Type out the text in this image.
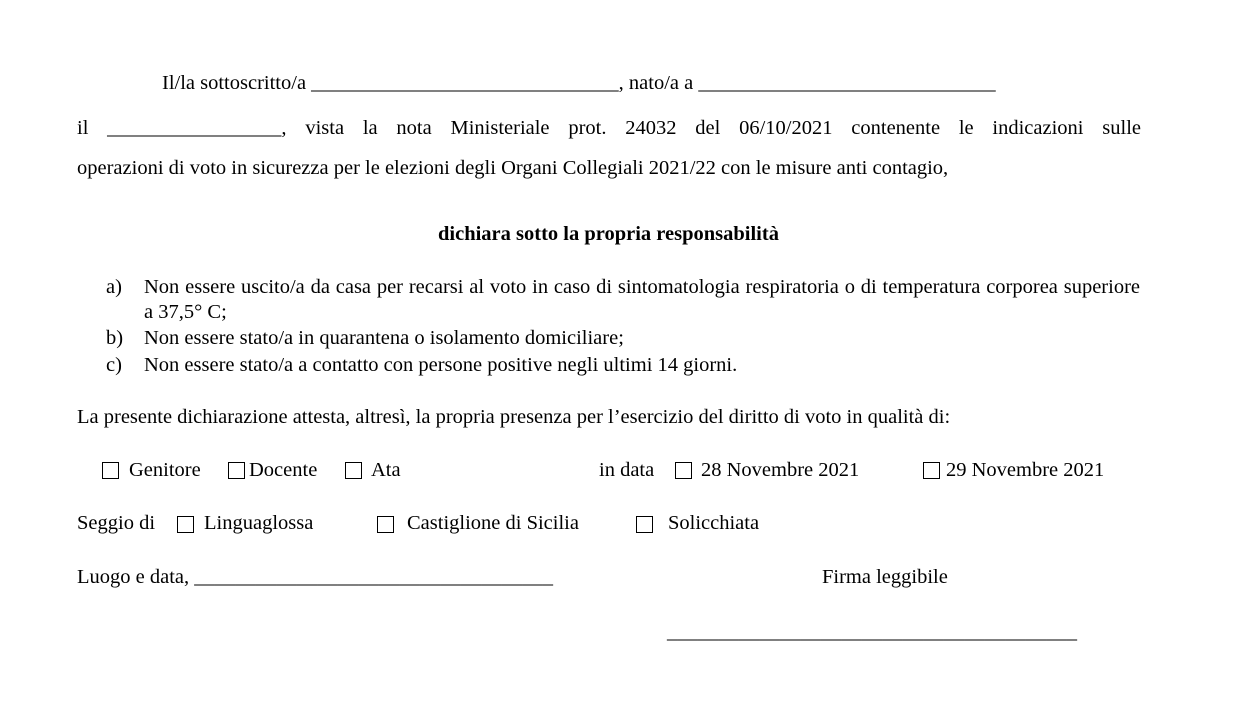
Il/la sottoscritto/a ______________________________, nato/a a _____________________________
il _________________, vista la nota Ministeriale prot. 24032 del 06/10/2021 contenente le indicazioni sulle
operazioni di voto in sicurezza per le elezioni degli Organi Collegiali 2021/22 con le misure anti contagio,
dichiara sotto la propria responsabilità
a) Non essere uscito/a da casa per recarsi al voto in caso di sintomatologia respiratoria o di temperatura corporea superiore a 37,5° C;
b) Non essere stato/a in quarantena o isolamento domiciliare;
c) Non essere stato/a a contatto con persone positive negli ultimi 14 giorni.
La presente dichiarazione attesta, altresì, la propria presenza per l’esercizio del diritto di voto in qualità di:
Genitore Docente	Ata	in data 28 Novembre 2021	29 Novembre 2021
Seggio di Linguaglossa	Castiglione di Sicilia	Solicchiata
Luogo e data, ___________________________________	Firma leggibile
________________________________________
